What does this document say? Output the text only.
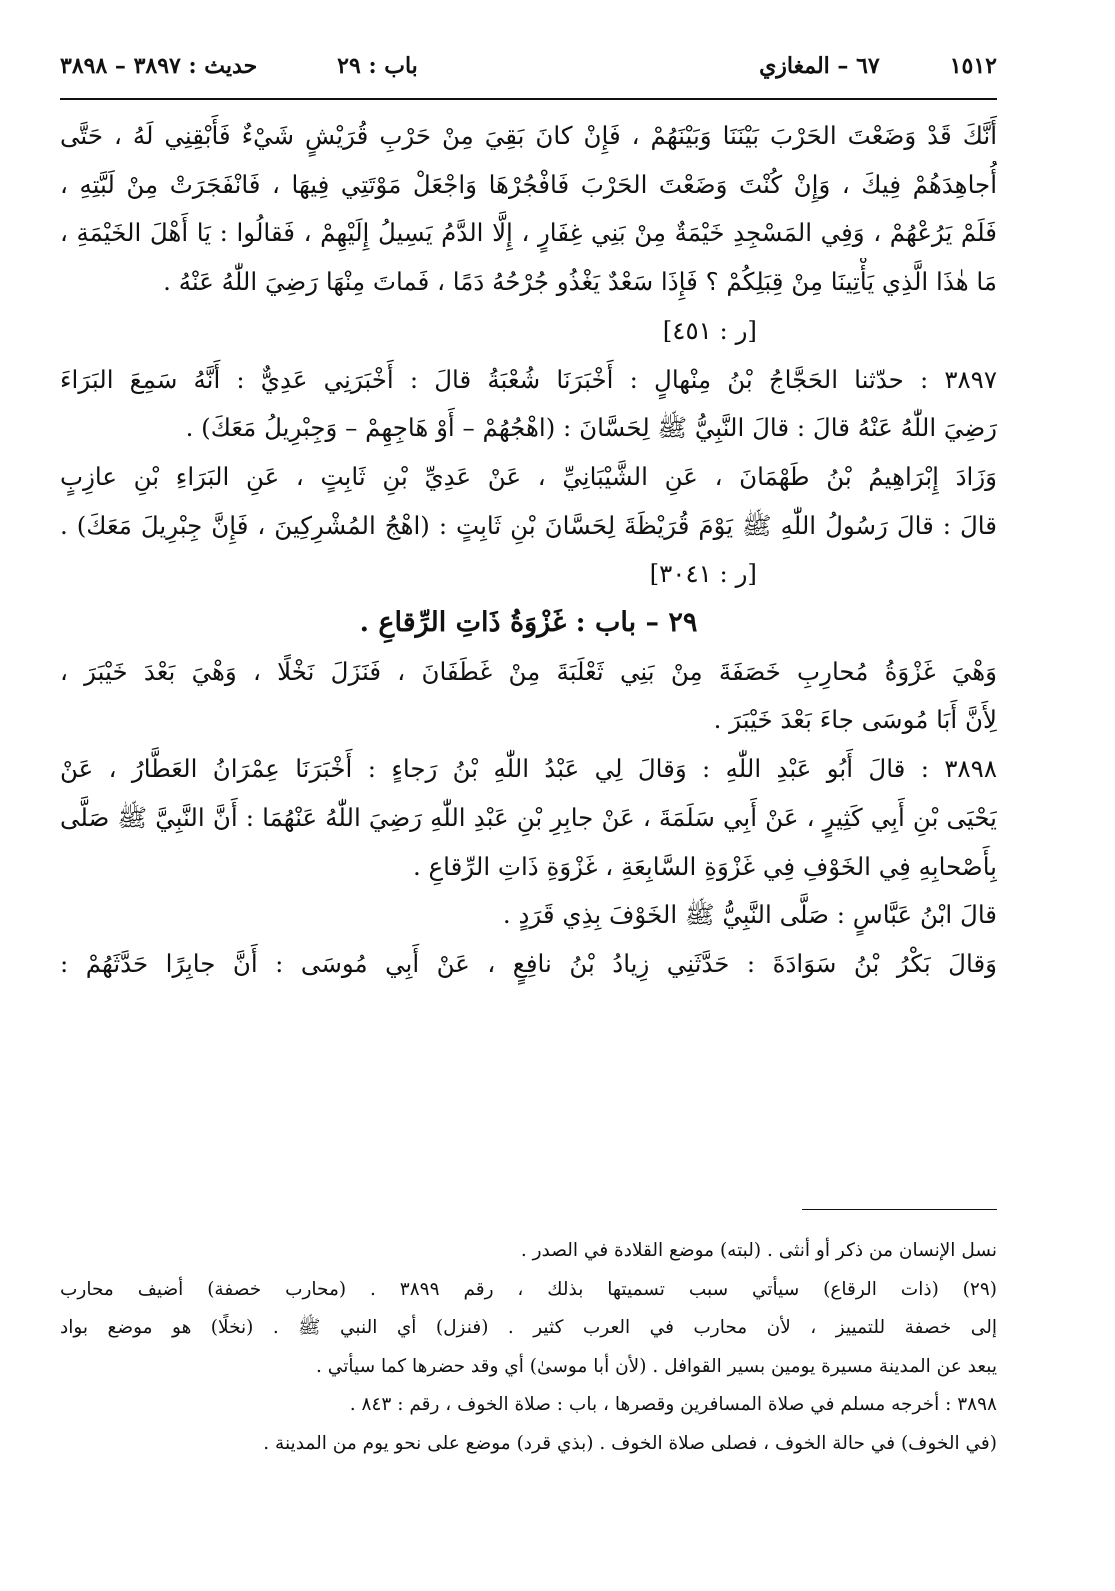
١٥١٢
٦٧ – المغازي
باب : ٢٩
حديث : ٣٨٩٧ – ٣٨٩٨
أَنَّكَ قَدْ وَضَعْتَ الحَرْبَ بَيْنَنَا وَبَيْنَهُمْ ، فَإِنْ كانَ بَقِيَ مِنْ حَرْبِ قُرَيْشٍ شَيْءٌ فَأَبْقِنِي لَهُ ، حَتَّى
أُجاهِدَهُمْ فِيكَ ، وَإِنْ كُنْتَ وَضَعْتَ الحَرْبَ فَافْجُرْهَا وَاجْعَلْ مَوْتَتِي فِيهَا ، فَانْفَجَرَتْ مِنْ لَبَّتِهِ ،
فَلَمْ يَرُعْهُمْ ، وَفِي المَسْجِدِ خَيْمَةٌ مِنْ بَنِي غِفَارٍ ، إِلَّا الدَّمُ يَسِيلُ إِلَيْهِمْ ، فَقالُوا : يَا أَهْلَ الخَيْمَةِ ،
مَا هٰذَا الَّذِي يَأْتِينَا مِنْ قِبَلِكُمْ ؟ فَإِذَا سَعْدٌ يَغْذُو جُرْحُهُ دَمًا ، فَماتَ مِنْهَا رَضِيَ اللّٰهُ عَنْهُ .
[ر : ٤٥١]
٣٨٩٧ : حدّثنا الحَجَّاجُ بْنُ مِنْهالٍ : أَخْبَرَنَا شُعْبَةُ قالَ : أَخْبَرَنِي عَدِيٌّ : أَنَّهُ سَمِعَ البَرَاءَ
رَضِيَ اللّٰهُ عَنْهُ قالَ : قالَ النَّبِيُّ ﷺ لِحَسَّانَ : (اهْجُهُمْ – أَوْ هَاجِهِمْ – وَجِبْرِيلُ مَعَكَ) .
وَزَادَ إِبْرَاهِيمُ بْنُ طَهْمَانَ ، عَنِ الشَّيْبَانِيِّ ، عَنْ عَدِيِّ بْنِ ثَابِتٍ ، عَنِ البَرَاءِ بْنِ عازِبٍ
قالَ : قالَ رَسُولُ اللّٰهِ ﷺ يَوْمَ قُرَيْظَةَ لِحَسَّانَ بْنِ ثَابِتٍ : (اهْجُ المُشْرِكِينَ ، فَإِنَّ جِبْرِيلَ مَعَكَ) .
[ر : ٣٠٤١]
٢٩ – باب : غَزْوَةُ ذَاتِ الرِّقاعِ .
وَهْيَ غَزْوَةُ مُحارِبِ خَصَفَةَ مِنْ بَنِي ثَعْلَبَةَ مِنْ غَطَفَانَ ، فَنَزَلَ نَخْلًا ، وَهْيَ بَعْدَ خَيْبَرَ ،
لِأَنَّ أَبَا مُوسَى جاءَ بَعْدَ خَيْبَرَ .
٣٨٩٨ : قالَ أَبُو عَبْدِ اللّٰهِ : وَقالَ لِي عَبْدُ اللّٰهِ بْنُ رَجاءٍ : أَخْبَرَنَا عِمْرَانُ العَطَّارُ ، عَنْ
يَحْيَى بْنِ أَبِي كَثِيرٍ ، عَنْ أَبِي سَلَمَةَ ، عَنْ جابِرِ بْنِ عَبْدِ اللّٰهِ رَضِيَ اللّٰهُ عَنْهُمَا : أَنَّ النَّبِيَّ ﷺ صَلَّى
بِأَصْحابِهِ فِي الخَوْفِ فِي غَزْوَةِ السَّابِعَةِ ، غَزْوَةِ ذَاتِ الرِّقاعِ .
قالَ ابْنُ عَبَّاسٍ : صَلَّى النَّبِيُّ ﷺ الخَوْفَ بِذِي قَرَدٍ .
وَقالَ بَكْرُ بْنُ سَوَادَةَ : حَدَّثَنِي زِيادُ بْنُ نافِعٍ ، عَنْ أَبِي مُوسَى : أَنَّ جابِرًا حَدَّثَهُمْ :
نسل الإنسان من ذكر أو أنثى . (لبته) موضع القلادة في الصدر .
(٢٩) (ذات الرقاع) سيأتي سبب تسميتها بذلك ، رقم ٣٨٩٩ . (محارب خصفة) أضيف محارب
إلى خصفة للتمييز ، لأن محارب في العرب كثير . (فنزل) أي النبي ﷺ . (نخلًا) هو موضع بواد
يبعد عن المدينة مسيرة يومين بسير القوافل . (لأن أبا موسىٰ) أي وقد حضرها كما سيأتي .
٣٨٩٨ : أخرجه مسلم في صلاة المسافرين وقصرها ، باب : صلاة الخوف ، رقم : ٨٤٣ .
(في الخوف) في حالة الخوف ، فصلى صلاة الخوف . (بذي قرد) موضع على نحو يوم من المدينة .
